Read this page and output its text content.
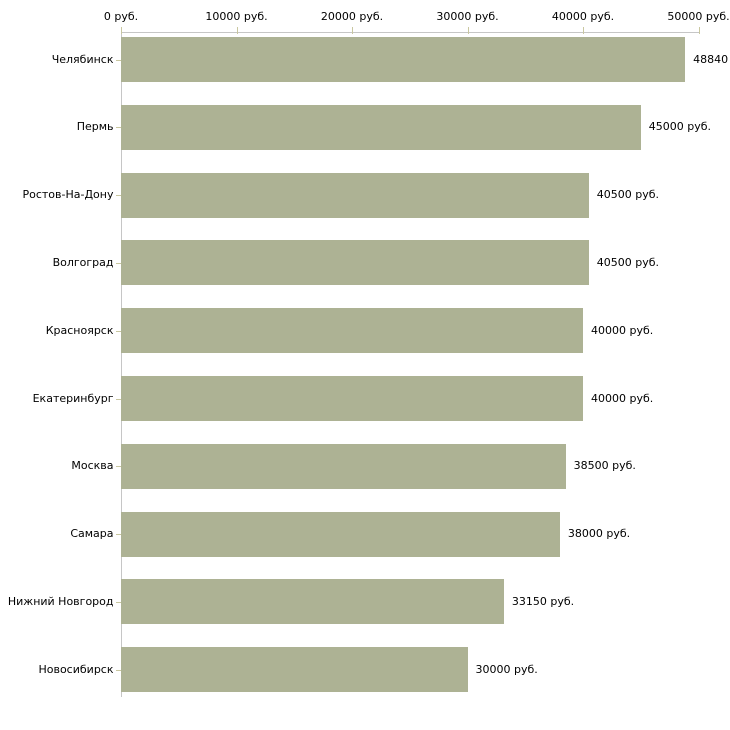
0 руб.	10000 руб.	20000 руб.	30000 руб.	40000 руб.	50000 руб.
Челябинск	48840
Пермь	45000 руб.
Ростов-На-Дону	40500 руб.
Волгоград	40500 руб.
Красноярск	40000 руб.
Екатеринбург	40000 руб.
Москва	38500 руб.
Самара	38000 руб.
Нижний Новгород	33150 руб.
Новосибирск	30000 руб.
